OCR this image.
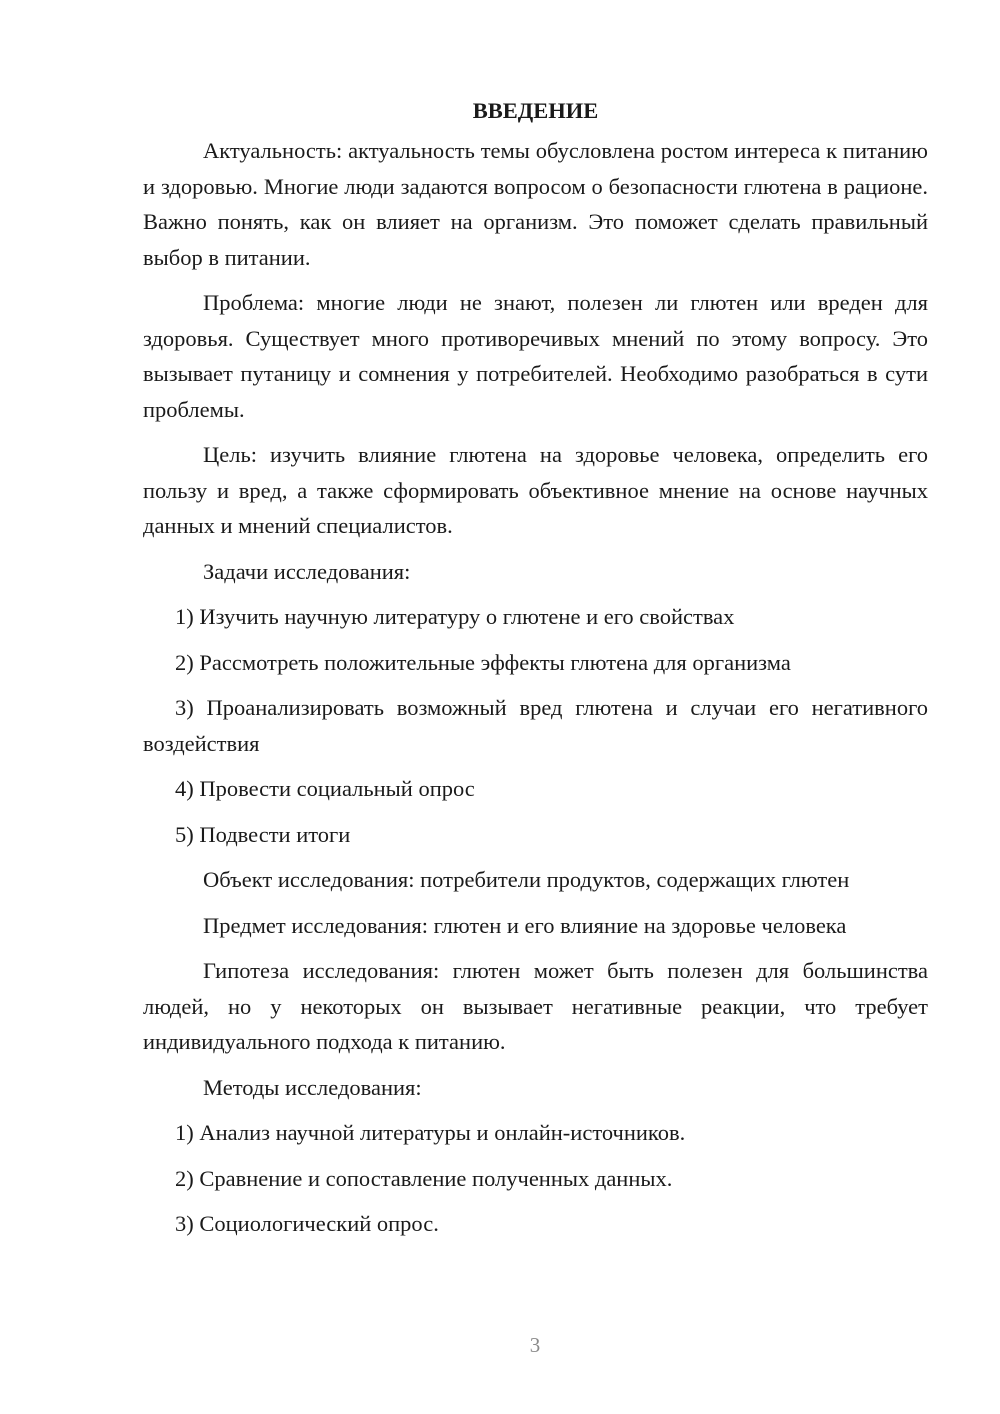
ВВЕДЕНИЕ

Актуальность: актуальность темы обусловлена ростом интереса к питанию и здоровью. Многие люди задаются вопросом о безопасности глютена в рационе. Важно понять, как он влияет на организм. Это поможет сделать правильный выбор в питании.

Проблема: многие люди не знают, полезен ли глютен или вреден для здоровья. Существует много противоречивых мнений по этому вопросу. Это вызывает путаницу и сомнения у потребителей. Необходимо разобраться в сути проблемы.

Цель: изучить влияние глютена на здоровье человека, определить его пользу и вред, а также сформировать объективное мнение на основе научных данных и мнений специалистов.

Задачи исследования:

1) Изучить научную литературу о глютене и его свойствах

2) Рассмотреть положительные эффекты глютена для организма

3) Проанализировать возможный вред глютена и случаи его негативного воздействия

4) Провести социальный опрос

5) Подвести итоги

Объект исследования: потребители продуктов, содержащих глютен

Предмет исследования: глютен и его влияние на здоровье человека

Гипотеза исследования: глютен может быть полезен для большинства людей, но у некоторых он вызывает негативные реакции, что требует индивидуального подхода к питанию.

Методы исследования:

1) Анализ научной литературы и онлайн-источников.

2) Сравнение и сопоставление полученных данных.

3) Социологический опрос.

3
